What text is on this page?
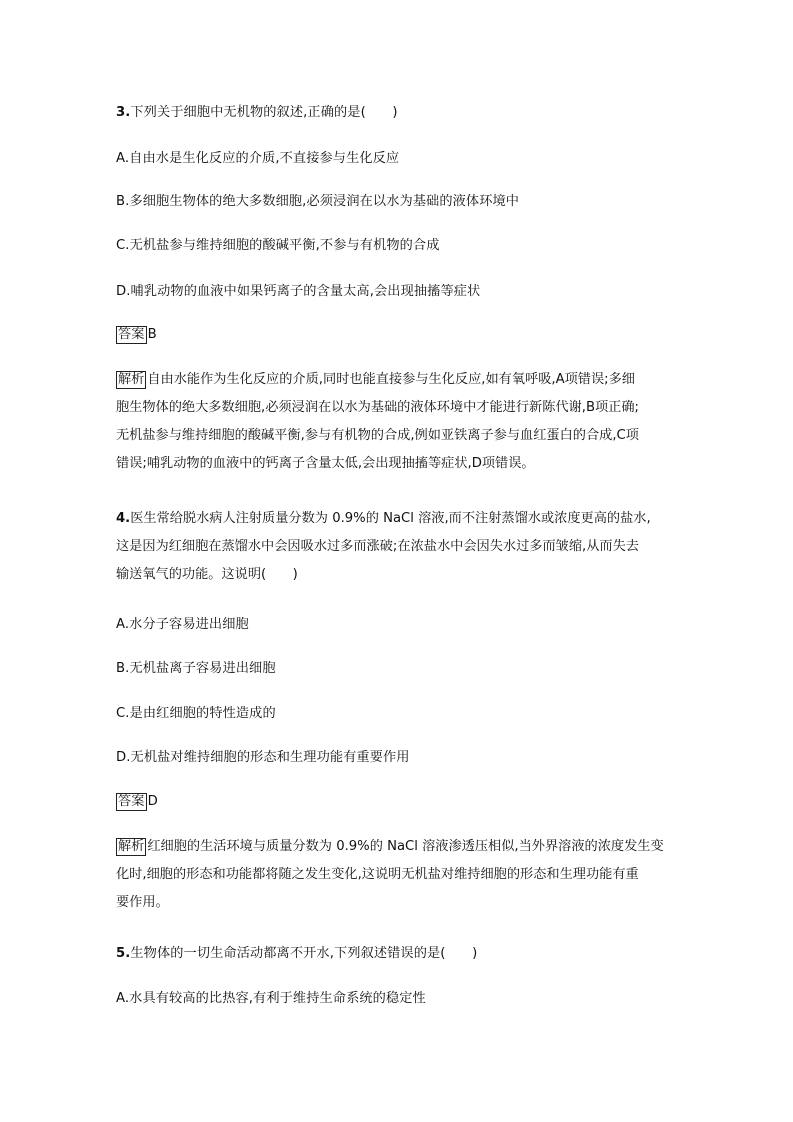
3.下列关于细胞中无机物的叙述,正确的是(　　)
A.自由水是生化反应的介质,不直接参与生化反应
B.多细胞生物体的绝大多数细胞,必须浸润在以水为基础的液体环境中
C.无机盐参与维持细胞的酸碱平衡,不参与有机物的合成
D.哺乳动物的血液中如果钙离子的含量太高,会出现抽搐等症状
答案 B
解析 自由水能作为生化反应的介质,同时也能直接参与生化反应,如有氧呼吸,A项错误;多细
胞生物体的绝大多数细胞,必须浸润在以水为基础的液体环境中才能进行新陈代谢,B项正确;
无机盐参与维持细胞的酸碱平衡,参与有机物的合成,例如亚铁离子参与血红蛋白的合成,C项
错误;哺乳动物的血液中的钙离子含量太低,会出现抽搐等症状,D项错误。
4.医生常给脱水病人注射质量分数为 0.9%的 NaCl 溶液,而不注射蒸馏水或浓度更高的盐水,
这是因为红细胞在蒸馏水中会因吸水过多而涨破;在浓盐水中会因失水过多而皱缩,从而失去
输送氧气的功能。这说明(　　)
A.水分子容易进出细胞
B.无机盐离子容易进出细胞
C.是由红细胞的特性造成的
D.无机盐对维持细胞的形态和生理功能有重要作用
答案 D
解析 红细胞的生活环境与质量分数为 0.9%的 NaCl 溶液渗透压相似,当外界溶液的浓度发生变
化时,细胞的形态和功能都将随之发生变化,这说明无机盐对维持细胞的形态和生理功能有重
要作用。
5.生物体的一切生命活动都离不开水,下列叙述错误的是(　　)
A.水具有较高的比热容,有利于维持生命系统的稳定性
